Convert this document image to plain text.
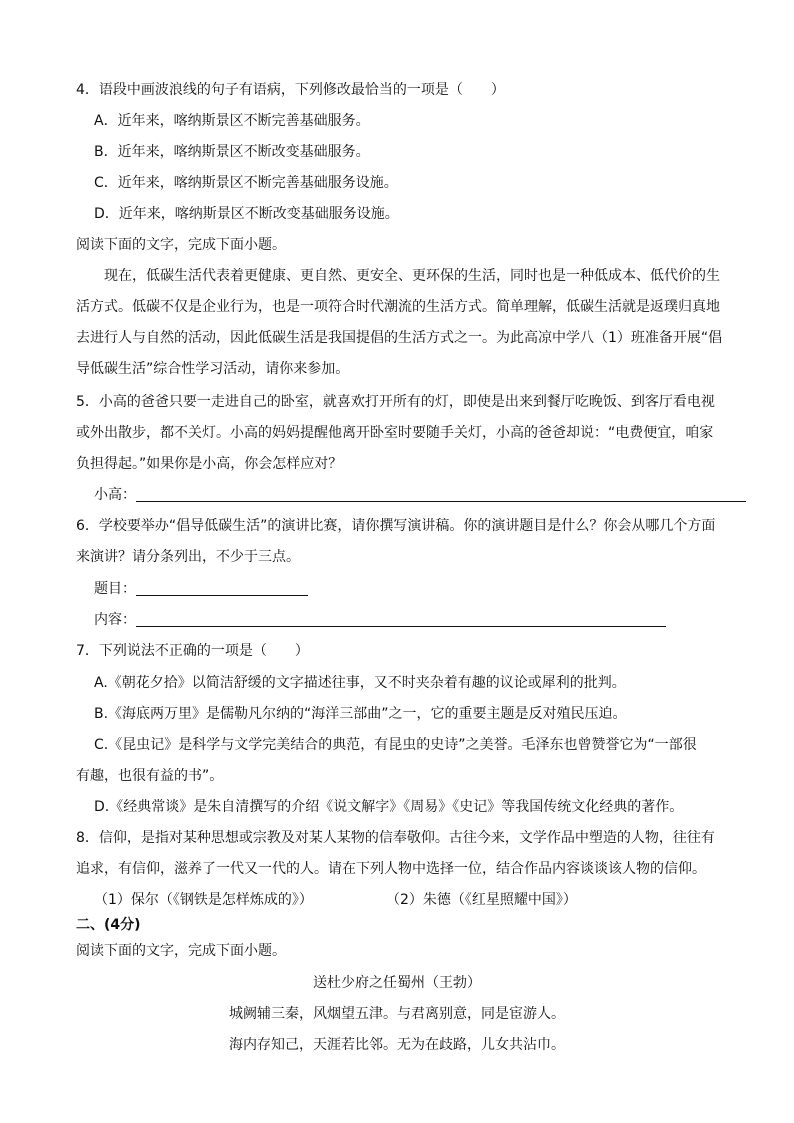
4．语段中画波浪线的句子有语病，下列修改最恰当的一项是（　　）
A．近年来，喀纳斯景区不断完善基础服务。
B．近年来，喀纳斯景区不断改变基础服务。
C．近年来，喀纳斯景区不断完善基础服务设施。
D．近年来，喀纳斯景区不断改变基础服务设施。
阅读下面的文字，完成下面小题。
现在，低碳生活代表着更健康、更自然、更安全、更环保的生活，同时也是一种低成本、低代价的生
活方式。低碳不仅是企业行为，也是一项符合时代潮流的生活方式。简单理解，低碳生活就是返璞归真地
去进行人与自然的活动，因此低碳生活是我国提倡的生活方式之一。为此高凉中学八（1）班准备开展“倡
导低碳生活”综合性学习活动，请你来参加。
5．小高的爸爸只要一走进自己的卧室，就喜欢打开所有的灯，即使是出来到餐厅吃晚饭、到客厅看电视
或外出散步，都不关灯。小高的妈妈提醒他离开卧室时要随手关灯，小高的爸爸却说：“电费便宜，咱家
负担得起。”如果你是小高，你会怎样应对？
小高：
6．学校要举办“倡导低碳生活”的演讲比赛，请你撰写演讲稿。你的演讲题目是什么？你会从哪几个方面
来演讲？请分条列出，不少于三点。
题目：
内容：
7．下列说法不正确的一项是（　　）
A.《朝花夕拾》以简洁舒缓的文字描述往事，又不时夹杂着有趣的议论或犀利的批判。
B.《海底两万里》是儒勒凡尔纳的“海洋三部曲”之一，它的重要主题是反对殖民压迫。
C.《昆虫记》是科学与文学完美结合的典范，有昆虫的史诗”之美誉。毛泽东也曾赞誉它为“一部很
有趣，也很有益的书”。
D.《经典常谈》是朱自清撰写的介绍《说文解字》《周易》《史记》等我国传统文化经典的著作。
8．信仰，是指对某种思想或宗教及对某人某物的信奉敬仰。古往今来，文学作品中塑造的人物，往往有
追求，有信仰，滋养了一代又一代的人。请在下列人物中选择一位，结合作品内容谈谈该人物的信仰。
（1）保尔（《钢铁是怎样炼成的》）	（2）朱德（《红星照耀中国》）
二、(4分)
阅读下面的文字，完成下面小题。
送杜少府之任蜀州（王勃）
城阙辅三秦，风烟望五津。与君离别意，同是宦游人。
海内存知己，天涯若比邻。无为在歧路，儿女共沾巾。
